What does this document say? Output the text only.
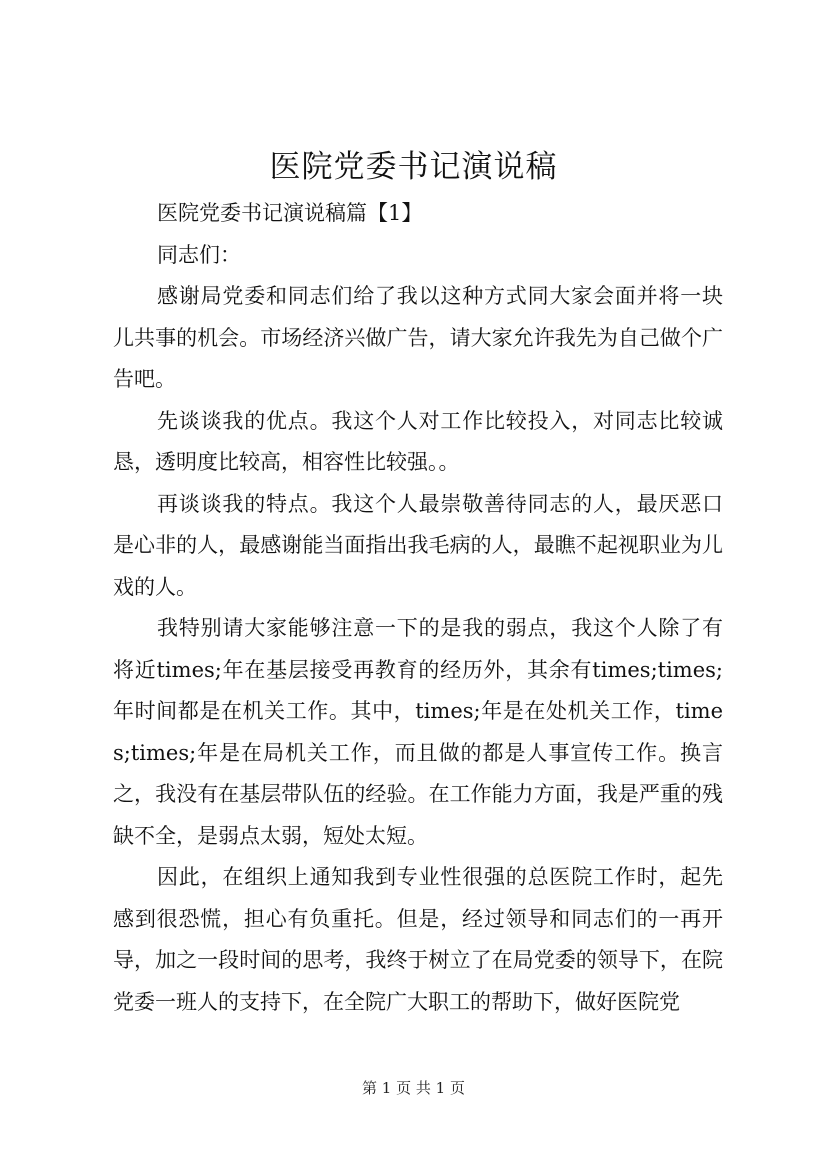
医院党委书记演说稿

医院党委书记演说稿篇【1】

同志们：

感谢局党委和同志们给了我以这种方式同大家会面并将一块儿共事的机会。市场经济兴做广告，请大家允许我先为自己做个广告吧。

先谈谈我的优点。我这个人对工作比较投入，对同志比较诚恳，透明度比较高，相容性比较强。。

再谈谈我的特点。我这个人最崇敬善待同志的人，最厌恶口是心非的人，最感谢能当面指出我毛病的人，最瞧不起视职业为儿戏的人。

我特别请大家能够注意一下的是我的弱点，我这个人除了有将近times;年在基层接受再教育的经历外，其余有times;times;年时间都是在机关工作。其中，times;年是在处机关工作，times;times;年是在局机关工作，而且做的都是人事宣传工作。换言之，我没有在基层带队伍的经验。在工作能力方面，我是严重的残缺不全，是弱点太弱，短处太短。

因此，在组织上通知我到专业性很强的总医院工作时，起先感到很恐慌，担心有负重托。但是，经过领导和同志们的一再开导，加之一段时间的思考，我终于树立了在局党委的领导下，在院党委一班人的支持下，在全院广大职工的帮助下，做好医院党

第 1 页 共 1 页
